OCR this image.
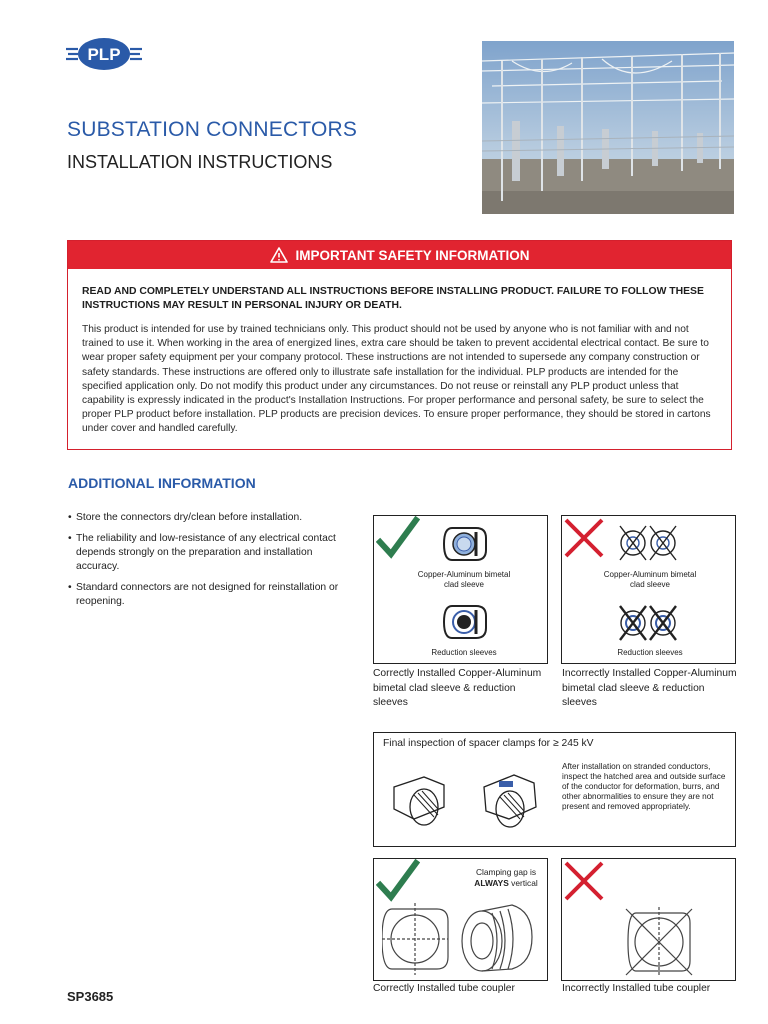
PLP
SUBSTATION CONNECTORS
INSTALLATION INSTRUCTIONS
IMPORTANT SAFETY INFORMATION
READ AND COMPLETELY UNDERSTAND ALL INSTRUCTIONS BEFORE INSTALLING PRODUCT. FAILURE TO FOLLOW THESE INSTRUCTIONS MAY RESULT IN PERSONAL INJURY OR DEATH.
This product is intended for use by trained technicians only. This product should not be used by anyone who is not familiar with and not trained to use it. When working in the area of energized lines, extra care should be taken to prevent accidental electrical contact. Be sure to wear proper safety equipment per your company protocol. These instructions are not intended to supersede any company construction or safety standards. These instructions are offered only to illustrate safe installation for the individual. PLP products are intended for the specified application only. Do not modify this product under any circumstances. Do not reuse or reinstall any PLP product unless that capability is expressly indicated in the product's Installation Instructions. For proper performance and personal safety, be sure to select the proper PLP product before installation. PLP products are precision devices. To ensure proper performance, they should be stored in cartons under cover and handled carefully.
ADDITIONAL INFORMATION
• Store the connectors dry/clean before installation.
• The reliability and low-resistance of any electrical contact depends strongly on the preparation and installation accuracy.
• Standard connectors are not designed for reinstallation or reopening.
Copper-Aluminum bimetal clad sleeve
Reduction sleeves
Correctly Installed Copper-Aluminum bimetal clad sleeve & reduction sleeves
Copper-Aluminum bimetal clad sleeve
Reduction sleeves
Incorrectly Installed Copper-Aluminum bimetal clad sleeve & reduction sleeves
Final inspection of spacer clamps for ≥ 245 kV
After installation on stranded conductors, inspect the hatched area and outside surface of the conductor for deformation, burrs, and other abnormalities to ensure they are not present and removed appropriately.
Clamping gap is
ALWAYS vertical
Correctly Installed tube coupler	Incorrectly Installed tube coupler
SP3685
